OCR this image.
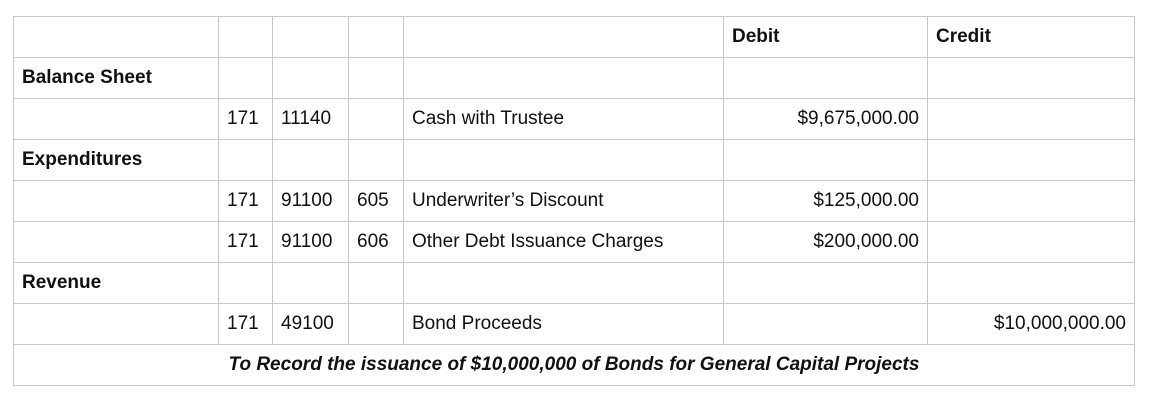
					Debit	Credit
Balance Sheet						
	171	11140		Cash with Trustee	$9,675,000.00	
Expenditures						
	171	91100	605	Underwriter’s Discount	$125,000.00	
	171	91100	606	Other Debt Issuance Charges	$200,000.00	
Revenue						
	171	49100		Bond Proceeds		$10,000,000.00
To Record the issuance of $10,000,000 of Bonds for General Capital Projects						
